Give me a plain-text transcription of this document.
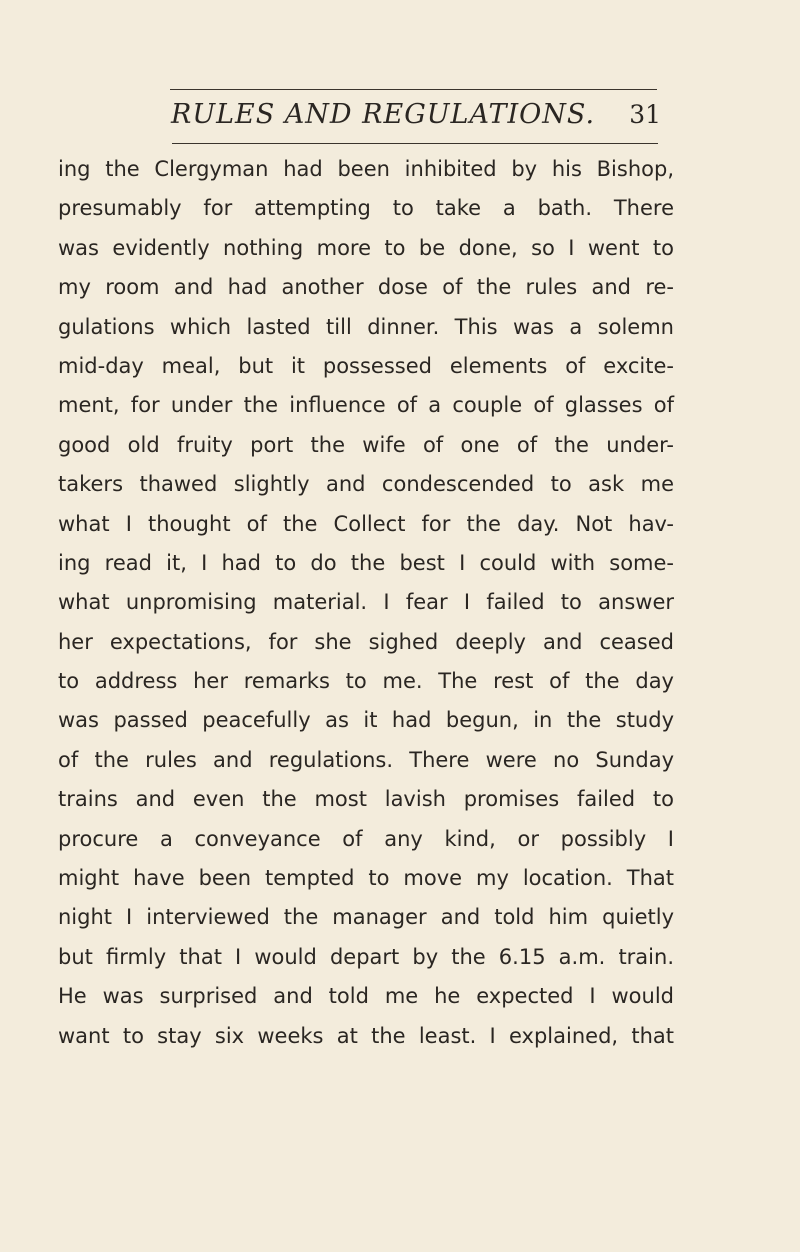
RULES AND REGULATIONS. 31
ing the Clergyman had been inhibited by his Bishop,
presumably for attempting to take a bath. There
was evidently nothing more to be done, so I went to
my room and had another dose of the rules and re-
gulations which lasted till dinner. This was a solemn
mid-day meal, but it possessed elements of excite-
ment, for under the influence of a couple of glasses of
good old fruity port the wife of one of the under-
takers thawed slightly and condescended to ask me
what I thought of the Collect for the day. Not hav-
ing read it, I had to do the best I could with some-
what unpromising material. I fear I failed to answer
her expectations, for she sighed deeply and ceased
to address her remarks to me. The rest of the day
was passed peacefully as it had begun, in the study
of the rules and regulations. There were no Sunday
trains and even the most lavish promises failed to
procure a conveyance of any kind, or possibly I
might have been tempted to move my location. That
night I interviewed the manager and told him quietly
but firmly that I would depart by the 6.15 a.m. train.
He was surprised and told me he expected I would
want to stay six weeks at the least. I explained, that
